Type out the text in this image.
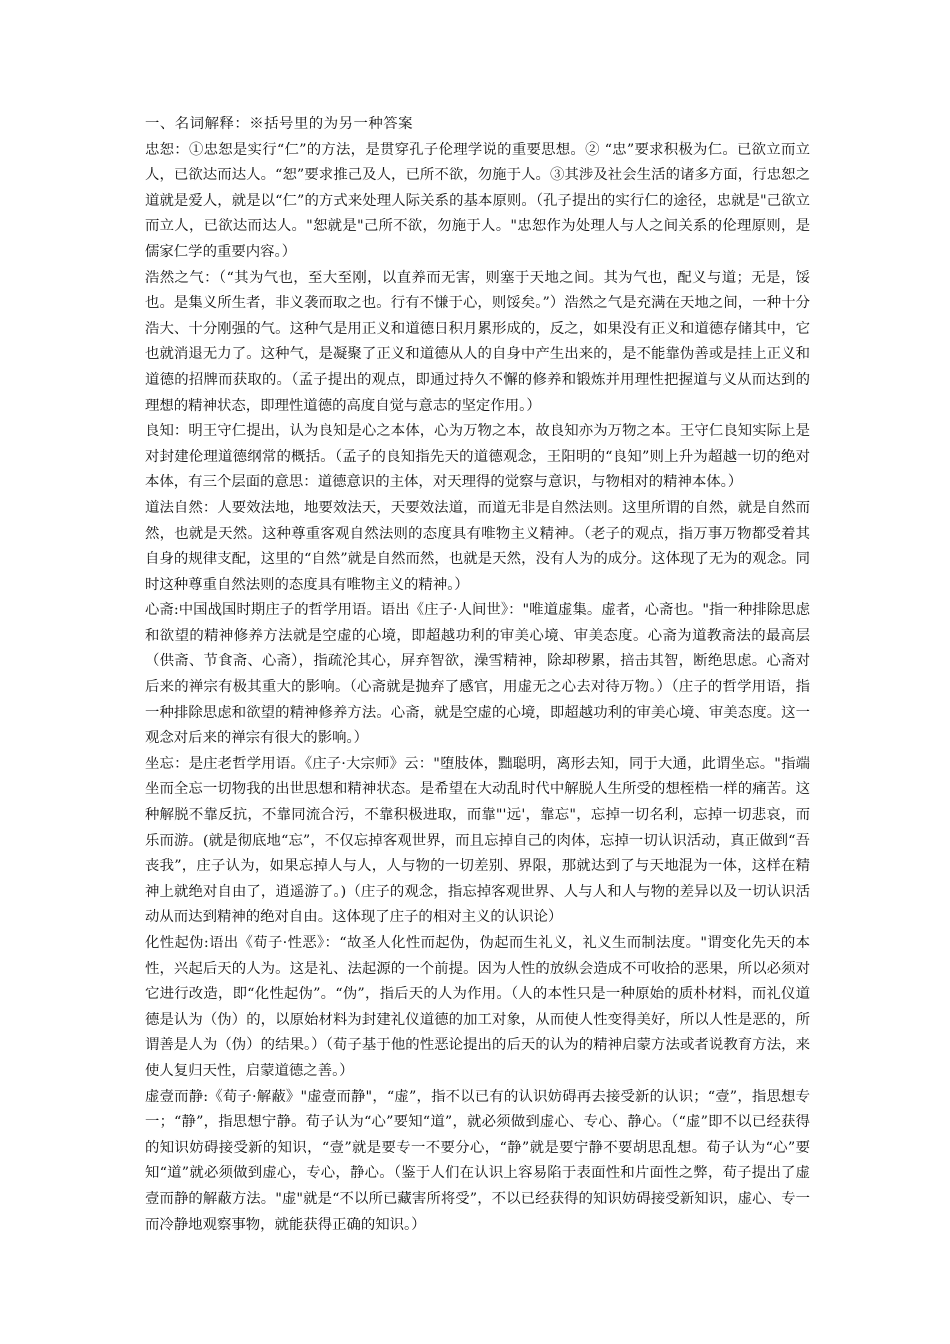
一、名词解释：※括号里的为另一种答案

忠恕：①忠恕是实行“仁”的方法，是贯穿孔子伦理学说的重要思想。② “忠”要求积极为仁。已欲立而立人，已欲达而达人。“恕”要求推己及人，已所不欲，勿施于人。③其涉及社会生活的诸多方面，行忠恕之道就是爱人，就是以“仁”的方式来处理人际关系的基本原则。（孔子提出的实行仁的途径，忠就是"己欲立而立人，已欲达而达人。"恕就是"己所不欲，勿施于人。"忠恕作为处理人与人之间关系的伦理原则，是儒家仁学的重要内容。）

浩然之气：（“其为气也，至大至刚，以直养而无害，则塞于天地之间。其为气也，配义与道；无是，馁也。是集义所生者，非义袭而取之也。行有不慊于心，则馁矣。”）浩然之气是充满在天地之间，一种十分浩大、十分刚强的气。这种气是用正义和道德日积月累形成的，反之，如果没有正义和道德存储其中，它也就消退无力了。这种气，是凝聚了正义和道德从人的自身中产生出来的，是不能靠伪善或是挂上正义和道德的招牌而获取的。（孟子提出的观点，即通过持久不懈的修养和锻炼并用理性把握道与义从而达到的理想的精神状态，即理性道德的高度自觉与意志的坚定作用。）

良知：明王守仁提出，认为良知是心之本体，心为万物之本，故良知亦为万物之本。王守仁良知实际上是对封建伦理道德纲常的概括。（孟子的良知指先天的道德观念，王阳明的“良知”则上升为超越一切的绝对本体，有三个层面的意思：道德意识的主体，对天理得的觉察与意识，与物相对的精神本体。）

道法自然：人要效法地，地要效法天，天要效法道，而道无非是自然法则。这里所谓的自然，就是自然而然，也就是天然。这种尊重客观自然法则的态度具有唯物主义精神。（老子的观点，指万事万物都受着其自身的规律支配，这里的“自然”就是自然而然，也就是天然，没有人为的成分。这体现了无为的观念。同时这种尊重自然法则的态度具有唯物主义的精神。）

心斋:中国战国时期庄子的哲学用语。语出《庄子·人间世》："唯道虚集。虚者，心斋也。"指一种排除思虑和欲望的精神修养方法就是空虚的心境，即超越功利的审美心境、审美态度。心斋为道教斋法的最高层（供斋、节食斋、心斋），指疏沦其心，屏弃智欲，澡雪精神，除却秽累，掊击其智，断绝思虑。心斋对后来的禅宗有极其重大的影响。（心斋就是抛弃了感官，用虚无之心去对待万物。）（庄子的哲学用语，指一种排除思虑和欲望的精神修养方法。心斋，就是空虚的心境，即超越功利的审美心境、审美态度。这一观念对后来的禅宗有很大的影响。）

坐忘：是庄老哲学用语。《庄子·大宗师》云："堕肢体，黜聪明，离形去知，同于大通，此谓坐忘。"指端坐而全忘一切物我的出世思想和精神状态。是希望在大动乱时代中解脱人生所受的想桎梏一样的痛苦。这种解脱不靠反抗，不靠同流合污，不靠积极进取，而靠"'远'，靠忘"，忘掉一切名利，忘掉一切悲哀，而乐而游。(就是彻底地“忘”，不仅忘掉客观世界，而且忘掉自己的肉体，忘掉一切认识活动，真正做到“吾丧我”，庄子认为，如果忘掉人与人，人与物的一切差别、界限，那就达到了与天地混为一体，这样在精神上就绝对自由了，逍遥游了。)（庄子的观念，指忘掉客观世界、人与人和人与物的差异以及一切认识活动从而达到精神的绝对自由。这体现了庄子的相对主义的认识论）

化性起伪:语出《荀子·性恶》：“故圣人化性而起伪，伪起而生礼义，礼义生而制法度。"谓变化先天的本性，兴起后天的人为。这是礼、法起源的一个前提。因为人性的放纵会造成不可收拾的恶果，所以必须对它进行改造，即“化性起伪”。“伪”，指后天的人为作用。（人的本性只是一种原始的质朴材料，而礼仪道德是认为（伪）的，以原始材料为封建礼仪道德的加工对象，从而使人性变得美好，所以人性是恶的，所谓善是人为（伪）的结果。）（荀子基于他的性恶论提出的后天的认为的精神启蒙方法或者说教育方法，来使人复归天性，启蒙道德之善。）

虚壹而静:《荀子·解蔽》"虚壹而静"，“虚”，指不以已有的认识妨碍再去接受新的认识；“壹”，指思想专一；“静”，指思想宁静。荀子认为“心”要知“道”，就必须做到虚心、专心、静心。（“虚”即不以已经获得的知识妨碍接受新的知识，“壹”就是要专一不要分心，“静”就是要宁静不要胡思乱想。荀子认为“心”要知“道”就必须做到虚心，专心，静心。（鉴于人们在认识上容易陷于表面性和片面性之弊，荀子提出了虚壹而静的解蔽方法。"虚"就是“不以所已藏害所将受”，不以已经获得的知识妨碍接受新知识，虚心、专一而冷静地观察事物，就能获得正确的知识。）
